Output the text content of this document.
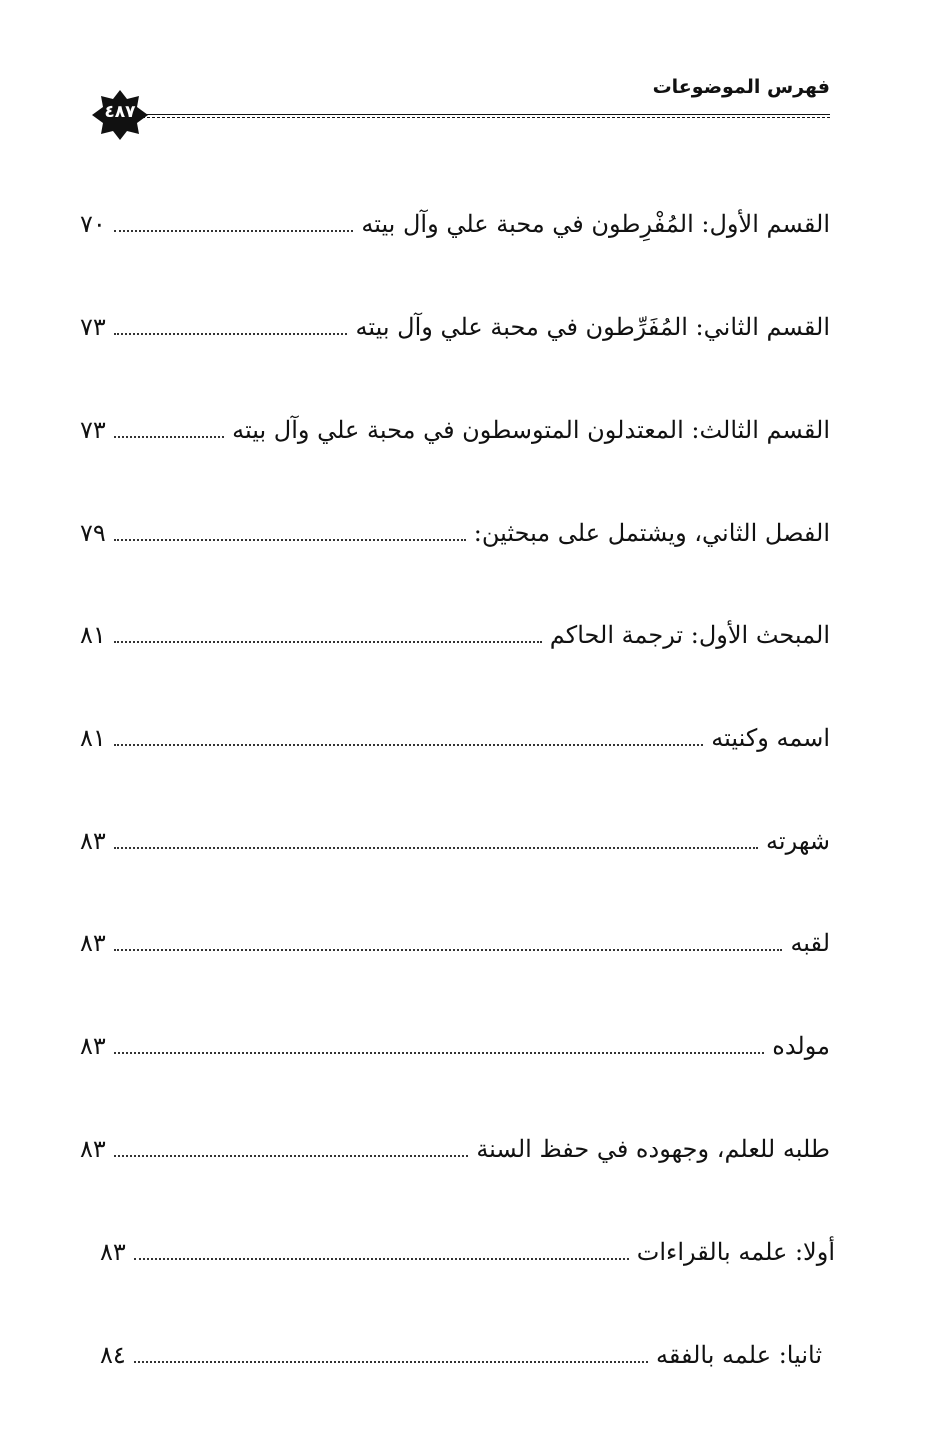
فهرس الموضوعات
٤٨٧
القسم الأول: المُفْرِطون في محبة علي وآل بيته
٧٠
القسم الثاني: المُفَرِّطون في محبة علي وآل بيته
٧٣
القسم الثالث: المعتدلون المتوسطون في محبة علي وآل بيته
٧٣
الفصل الثاني، ويشتمل على مبحثين:
٧٩
المبحث الأول: ترجمة الحاكم
٨١
اسمه وكنيته
٨١
شهرته
٨٣
لقبه
٨٣
مولده
٨٣
طلبه للعلم، وجهوده في حفظ السنة
٨٣
أولا: علمه بالقراءات
٨٣
ثانيا: علمه بالفقه
٨٤
